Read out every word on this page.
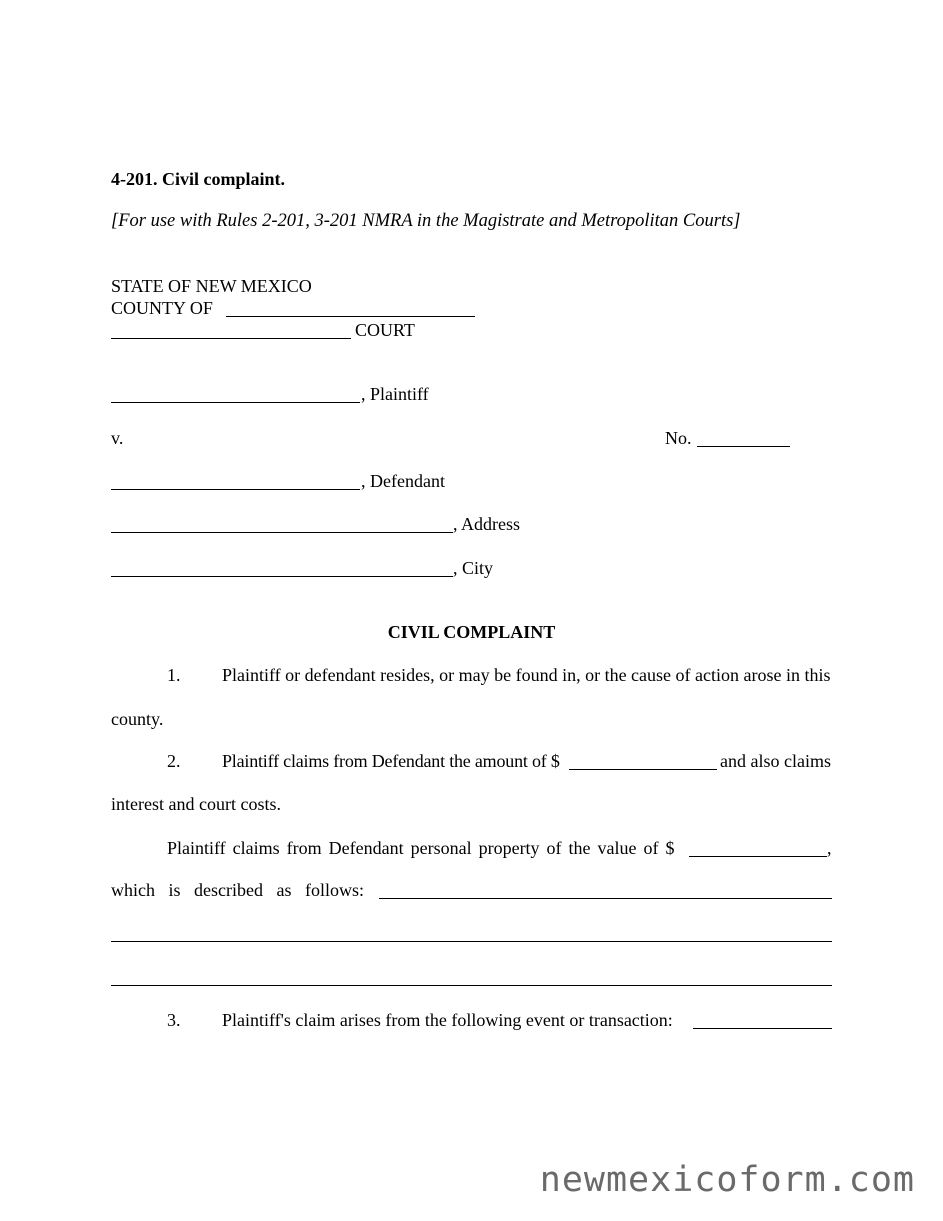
4-201. Civil complaint.
[For use with Rules 2-201, 3-201 NMRA in the Magistrate and Metropolitan Courts]
STATE OF NEW MEXICO
COUNTY OF
COURT
, Plaintiff
v.	No.
, Defendant
, Address
, City
CIVIL COMPLAINT
1. Plaintiff or defendant resides, or may be found in, or the cause of action arose in this
county.
2. Plaintiff claims from Defendant the amount of $	and also claims
interest and court costs.
Plaintiff claims from Defendant personal property of the value of $	,
which   is   described   as   follows:
3. Plaintiff's claim arises from the following event or transaction:
newmexicoform.com
